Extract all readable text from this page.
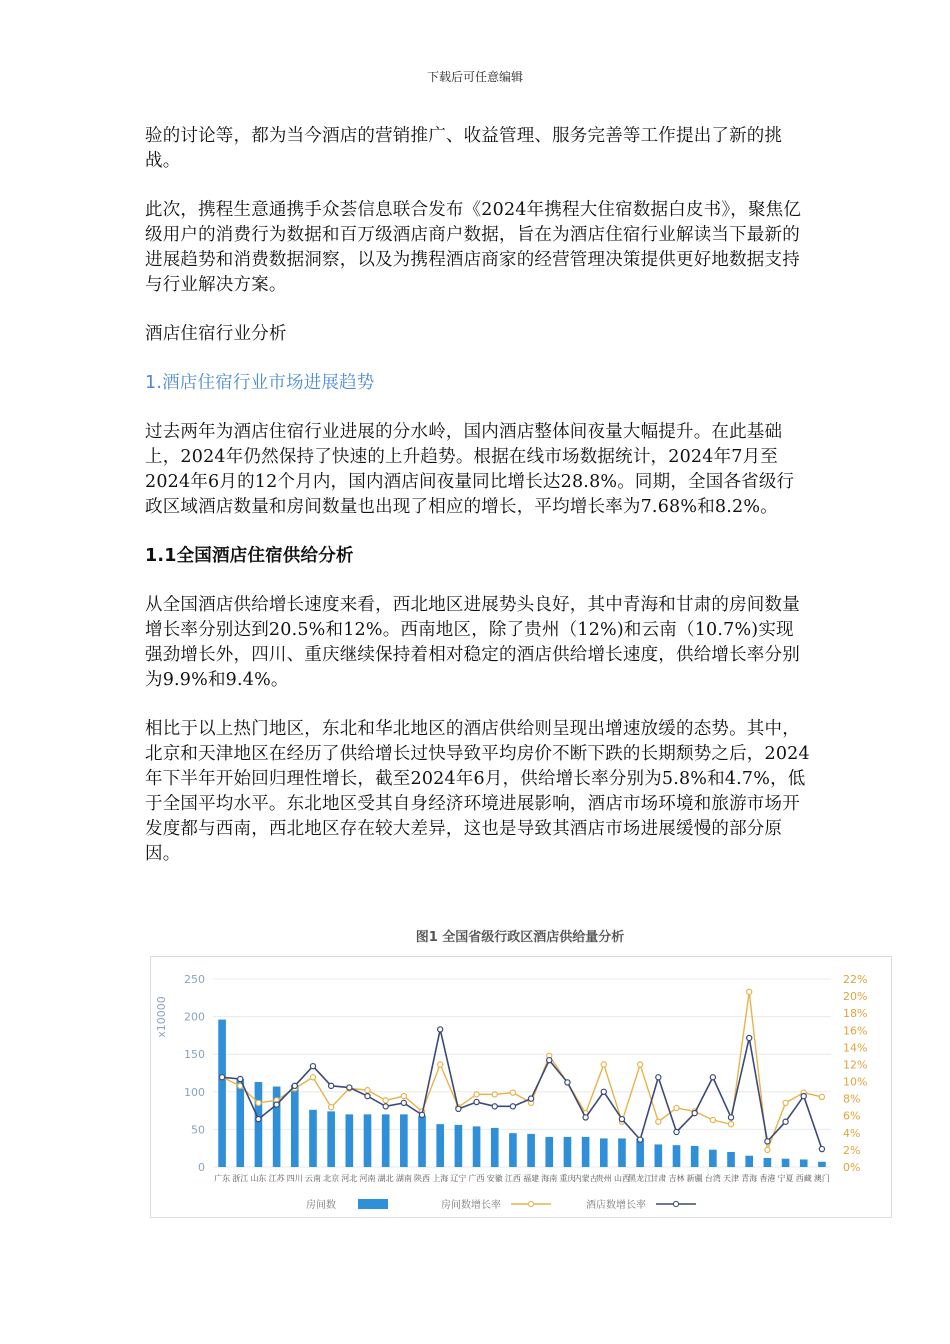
下载后可任意编辑

验的讨论等，都为当今酒店的营销推广、收益管理、服务完善等工作提出了新的挑战。

此次，携程生意通携手众荟信息联合发布《2024年携程大住宿数据白皮书》，聚焦亿级用户的消费行为数据和百万级酒店商户数据，旨在为酒店住宿行业解读当下最新的进展趋势和消费数据洞察，以及为携程酒店商家的经营管理决策提供更好地数据支持与行业解决方案。

酒店住宿行业分析

1.酒店住宿行业市场进展趋势

过去两年为酒店住宿行业进展的分水岭，国内酒店整体间夜量大幅提升。在此基础上，2024年仍然保持了快速的上升趋势。根据在线市场数据统计，2024年7月至2024年6月的12个月内，国内酒店间夜量同比增长达28.8%。同期，全国各省级行政区域酒店数量和房间数量也出现了相应的增长，平均增长率为7.68%和8.2%。

1.1全国酒店住宿供给分析

从全国酒店供给增长速度来看，西北地区进展势头良好，其中青海和甘肃的房间数量增长率分别达到20.5%和12%。西南地区，除了贵州（12%)和云南（10.7%)实现强劲增长外，四川、重庆继续保持着相对稳定的酒店供给增长速度，供给增长率分别为9.9%和9.4%。

相比于以上热门地区，东北和华北地区的酒店供给则呈现出增速放缓的态势。其中，北京和天津地区在经历了供给增长过快导致平均房价不断下跌的长期颓势之后，2024年下半年开始回归理性增长，截至2024年6月，供给增长率分别为5.8%和4.7%，低于全国平均水平。东北地区受其自身经济环境进展影响，酒店市场环境和旅游市场开发度都与西南，西北地区存在较大差异，这也是导致其酒店市场进展缓慢的部分原因。

图1 全国省级行政区酒店供给量分析
0
50
100
150
200
250
0%
2%
4%
6%
8%
10%
12%
14%
16%
18%
20%
22%
x10000
广东 浙江 山东 江苏 四川 云南 北京 河北 河南 湖北 湖南 陕西 上海 辽宁 广西 安徽 江西 福建 海南 重庆
内蒙古
贵州 山西
黑龙江
甘肃 吉林 新疆 台湾 天津 青海 香港 宁夏 西藏 澳门
房间数	房间数增长率	酒店数增长率
